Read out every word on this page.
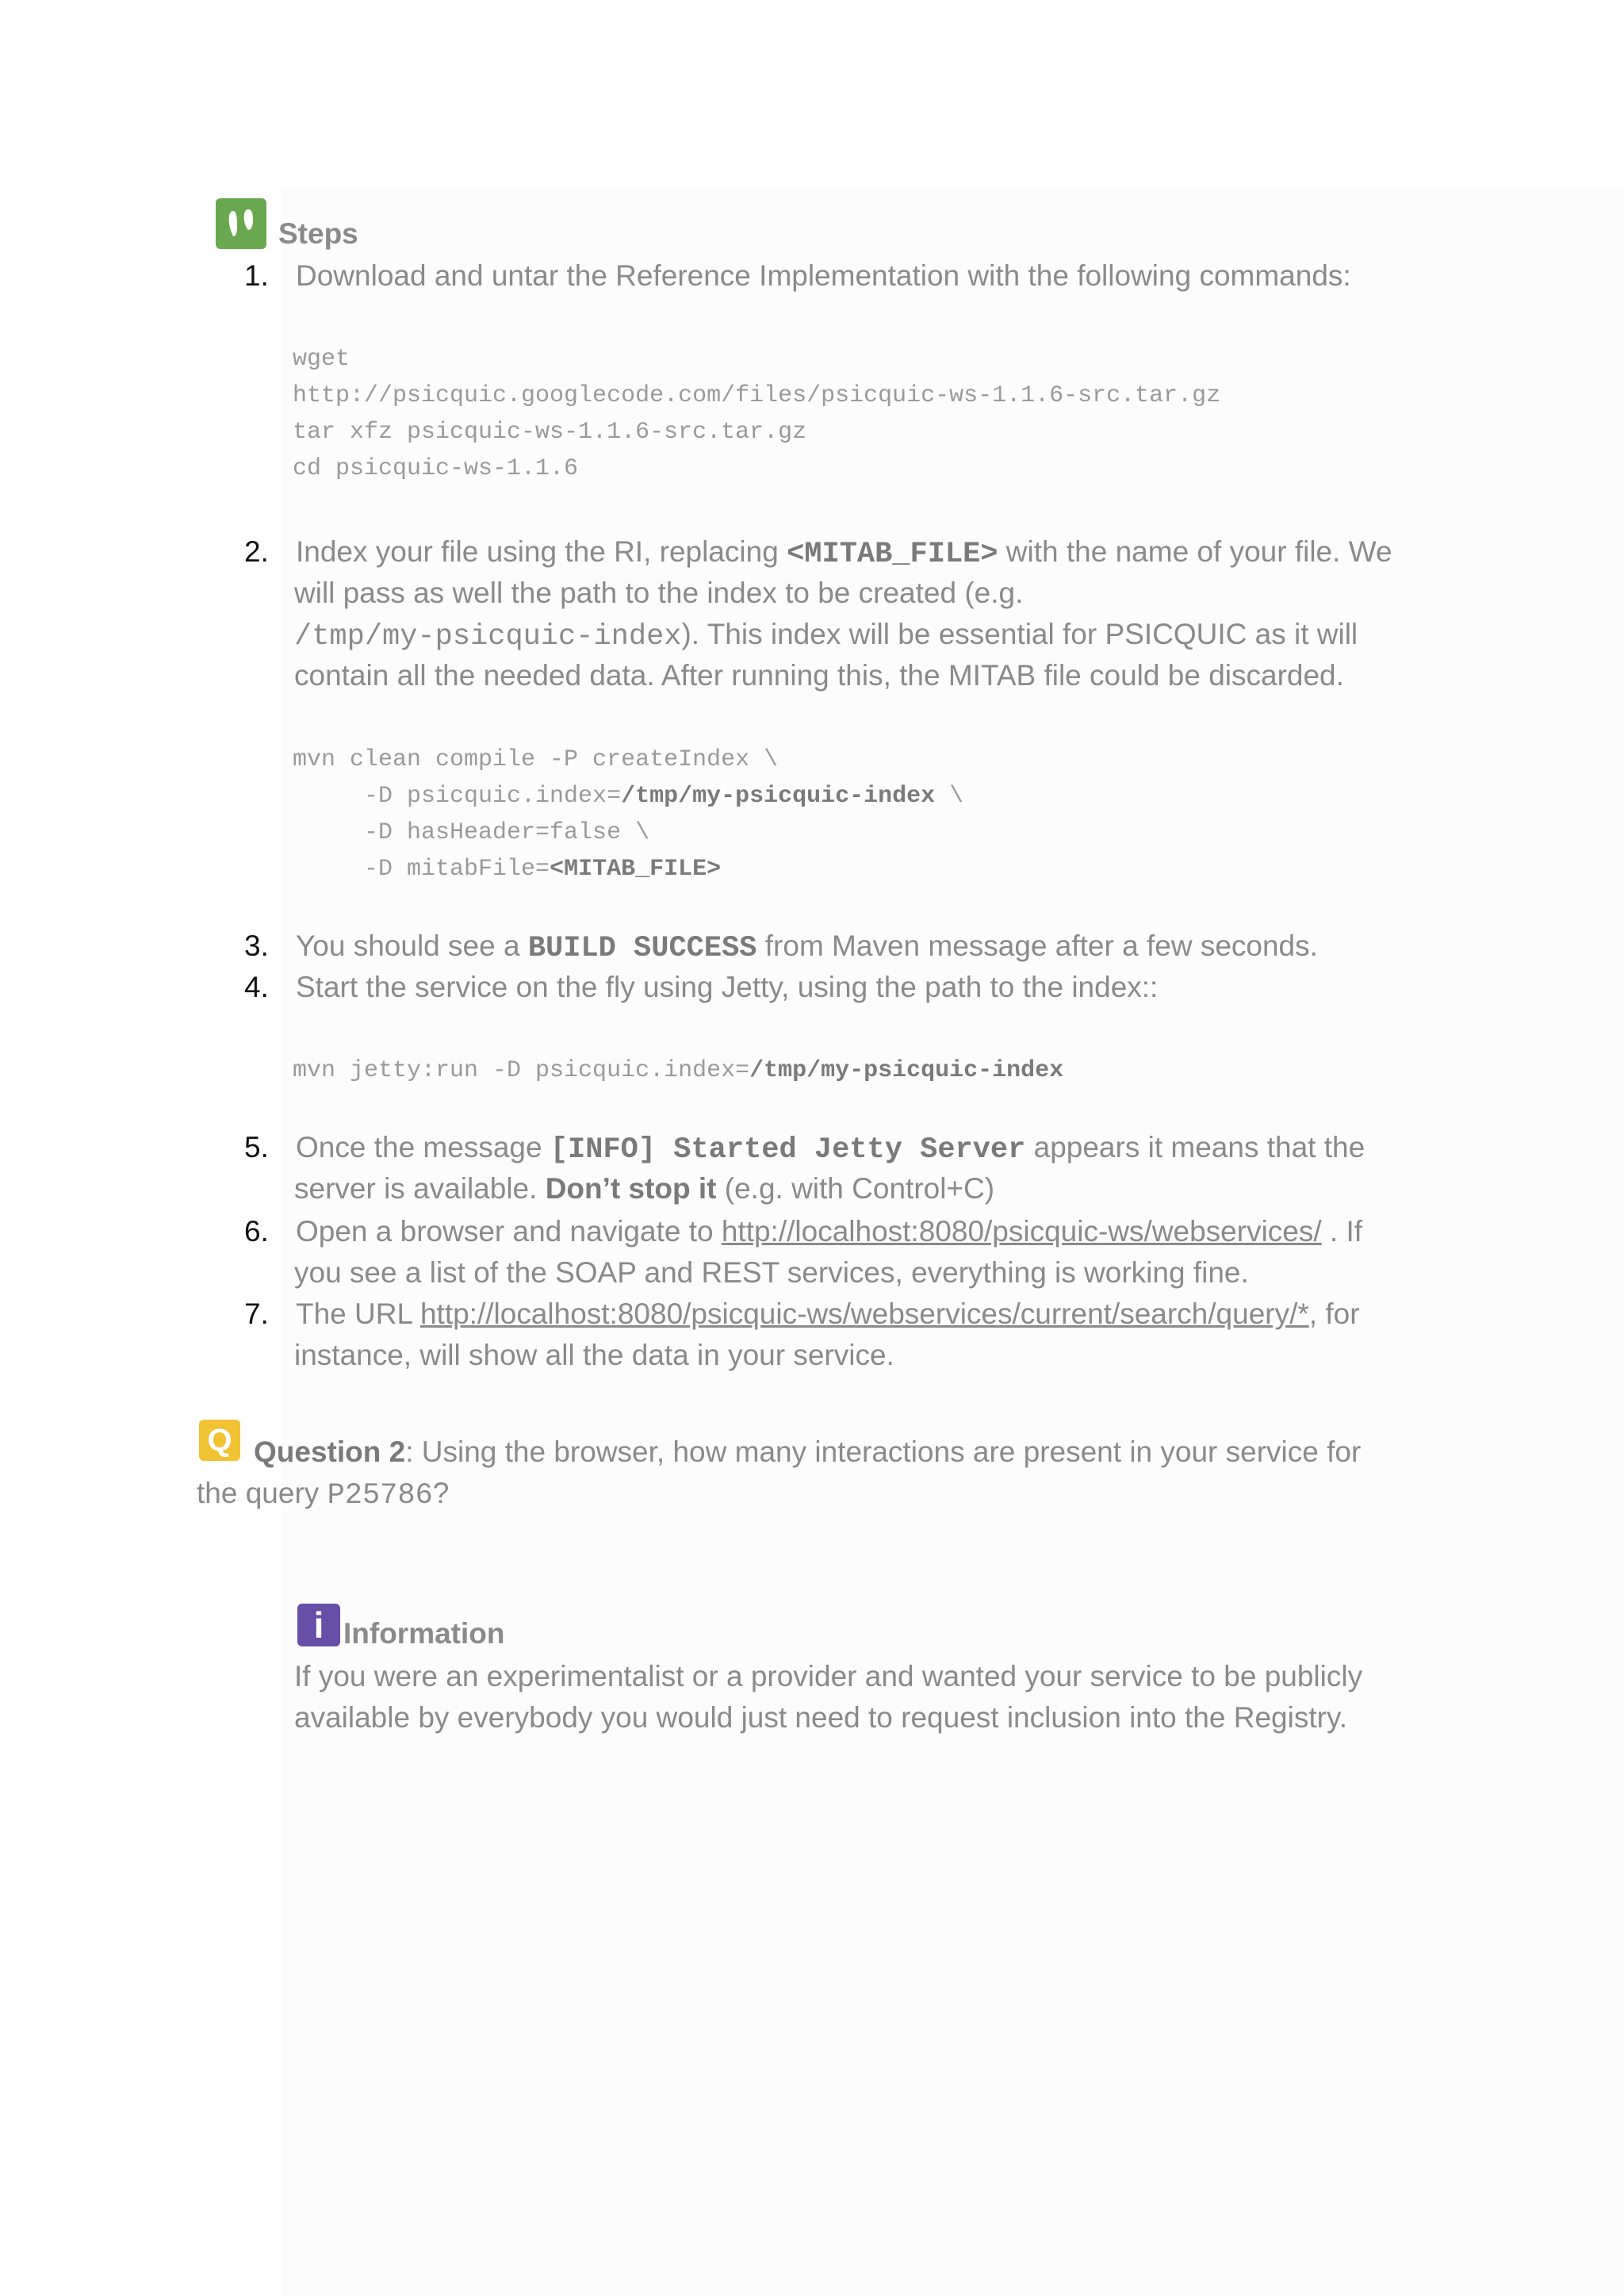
Steps
1. Download and untar the Reference Implementation with the following commands:
wget
http://psicquic.googlecode.com/files/psicquic-ws-1.1.6-src.tar.gz
tar xfz psicquic-ws-1.1.6-src.tar.gz
cd psicquic-ws-1.1.6
2. Index your file using the RI, replacing <MITAB_FILE> with the name of your file. We
will pass as well the path to the index to be created (e.g.
/tmp/my-psicquic-index). This index will be essential for PSICQUIC as it will
contain all the needed data. After running this, the MITAB file could be discarded.
mvn clean compile -P createIndex \
-D psicquic.index=/tmp/my-psicquic-index \
-D hasHeader=false \
-D mitabFile=<MITAB_FILE>
3. You should see a BUILD SUCCESS from Maven message after a few seconds.
4. Start the service on the fly using Jetty, using the path to the index::
mvn jetty:run -D psicquic.index=/tmp/my-psicquic-index
5. Once the message [INFO] Started Jetty Server appears it means that the
server is available. Don’t stop it (e.g. with Control+C)
6. Open a browser and navigate to http://localhost:8080/psicquic-ws/webservices/ . If
you see a list of the SOAP and REST services, everything is working fine.
7. The URL http://localhost:8080/psicquic-ws/webservices/current/search/query/*, for
instance, will show all the data in your service.
Q Question 2: Using the browser, how many interactions are present in your service for
the query P25786?
i Information
If you were an experimentalist or a provider and wanted your service to be publicly
available by everybody you would just need to request inclusion into the Registry.
